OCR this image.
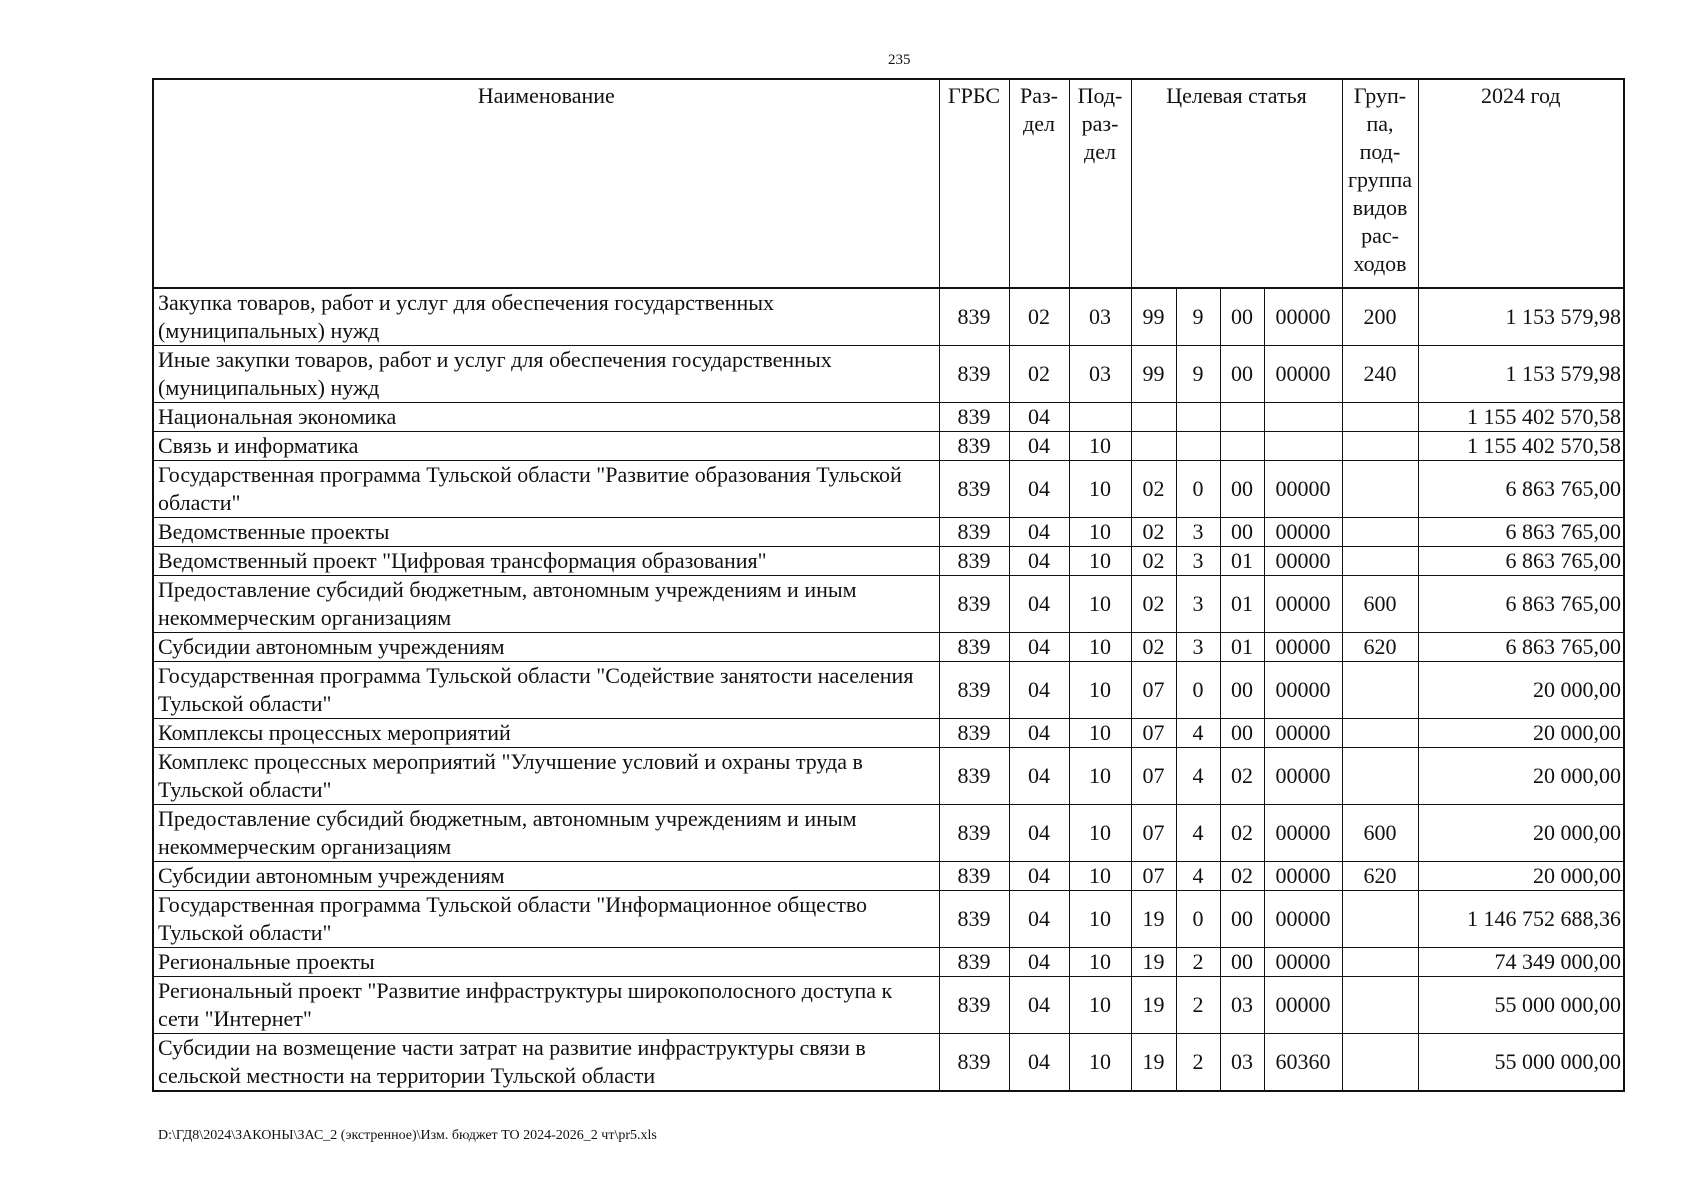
235
Наименование	ГРБС	Раз- дел	Под- раз- дел	Целевая статья				Груп- па, под- группа видов рас- ходов	2024 год
Закупка товаров, работ и услуг для обеспечения государственных (муниципальных) нужд	839	02	03	99	9	00	00000	200	1 153 579,98
Иные закупки товаров, работ и услуг для обеспечения государственных (муниципальных) нужд	839	02	03	99	9	00	00000	240	1 153 579,98
Национальная экономика	839	04							1 155 402 570,58
Связь и информатика	839	04	10						1 155 402 570,58
Государственная программа Тульской области "Развитие образования Тульской области"	839	04	10	02	0	00	00000		6 863 765,00
Ведомственные проекты	839	04	10	02	3	00	00000		6 863 765,00
Ведомственный проект "Цифровая трансформация образования"	839	04	10	02	3	01	00000		6 863 765,00
Предоставление субсидий бюджетным, автономным учреждениям и иным некоммерческим организациям	839	04	10	02	3	01	00000	600	6 863 765,00
Субсидии автономным учреждениям	839	04	10	02	3	01	00000	620	6 863 765,00
Государственная программа Тульской области "Содействие занятости населения Тульской области"	839	04	10	07	0	00	00000		20 000,00
Комплексы процессных мероприятий	839	04	10	07	4	00	00000		20 000,00
Комплекс процессных мероприятий "Улучшение условий и охраны труда в Тульской области"	839	04	10	07	4	02	00000		20 000,00
Предоставление субсидий бюджетным, автономным учреждениям и иным некоммерческим организациям	839	04	10	07	4	02	00000	600	20 000,00
Субсидии автономным учреждениям	839	04	10	07	4	02	00000	620	20 000,00
Государственная программа Тульской области "Информационное общество Тульской области"	839	04	10	19	0	00	00000		1 146 752 688,36
Региональные проекты	839	04	10	19	2	00	00000		74 349 000,00
Региональный проект "Развитие инфраструктуры широкополосного доступа к сети "Интернет"	839	04	10	19	2	03	00000		55 000 000,00
Субсидии на возмещение части затрат на развитие инфраструктуры связи в сельской местности на территории Тульской области	839	04	10	19	2	03	60360		55 000 000,00
D:\ГД8\2024\ЗАКОНЫ\ЗАС_2 (экстренное)\Изм. бюджет ТО 2024-2026_2 чт\pr5.xls
